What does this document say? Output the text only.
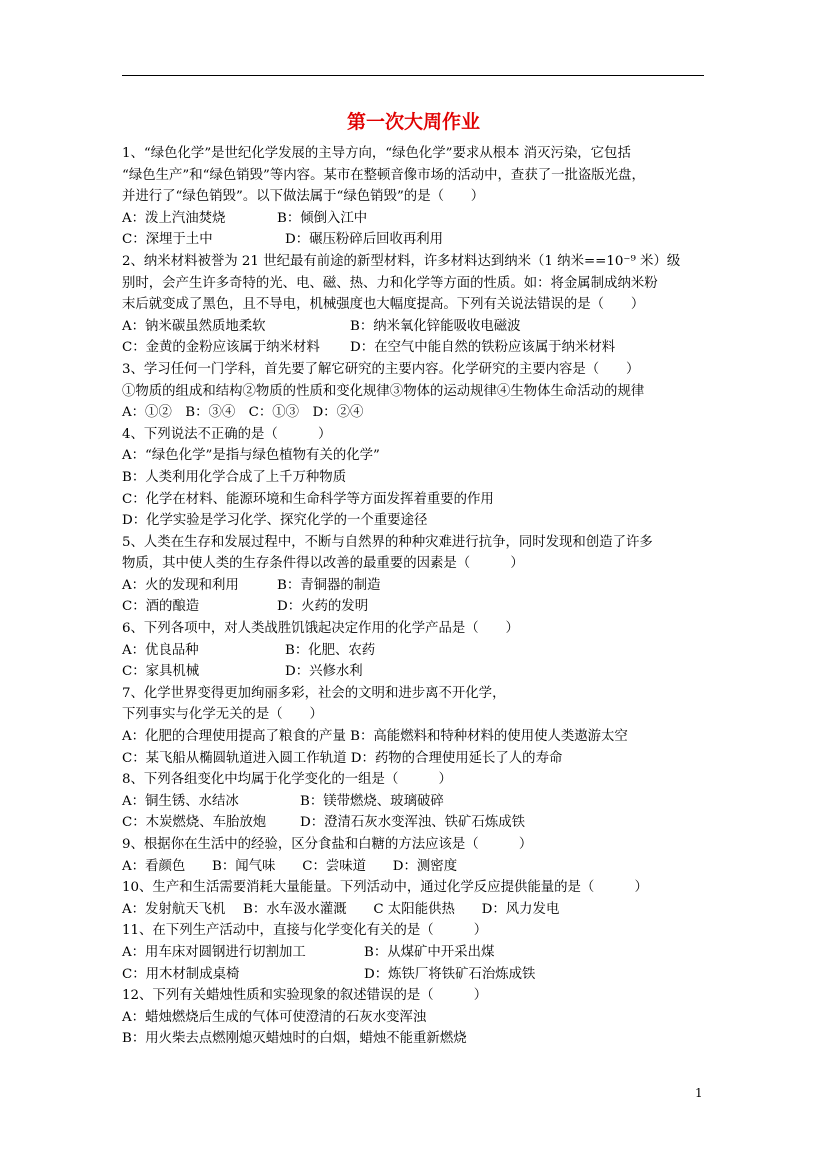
第一次大周作业
1、“绿色化学”是世纪化学发展的主导方向，“绿色化学”要求从根本 消灭污染，它包括
“绿色生产”和“绿色销毁”等内容。某市在整顿音像市场的活动中，查获了一批盗版光盘，
并进行了“绿色销毁”。以下做法属于“绿色销毁”的是（　　）
A：泼上汽油焚烧	B：倾倒入江中
C：深埋于土中	D：碾压粉碎后回收再利用
2、纳米材料被誉为 21 世纪最有前途的新型材料，许多材料达到纳米（1 纳米==10⁻⁹ 米）级
别时，会产生许多奇特的光、电、磁、热、力和化学等方面的性质。如：将金属制成纳米粉
末后就变成了黑色，且不导电，机械强度也大幅度提高。下列有关说法错误的是（　　）
A：钠米碳虽然质地柔软	B：纳米氧化锌能吸收电磁波
C：金黄的金粉应该属于纳米材料	D：在空气中能自然的铁粉应该属于纳米材料
3、学习任何一门学科，首先要了解它研究的主要内容。化学研究的主要内容是（　　）
①物质的组成和结构②物质的性质和变化规律③物体的运动规律④生物体生命活动的规律
A：①②　B：③④　C：①③　D：②④
4、下列说法不正确的是（　　　）
A：“绿色化学”是指与绿色植物有关的化学”
B：人类利用化学合成了上千万种物质
C：化学在材料、能源环境和生命科学等方面发挥着重要的作用
D：化学实验是学习化学、探究化学的一个重要途径
5、人类在生存和发展过程中，不断与自然界的种种灾难进行抗争，同时发现和创造了许多
物质，其中使人类的生存条件得以改善的最重要的因素是（　　　）
A：火的发现和利用	B：青铜器的制造
C：酒的酿造	D：火药的发明
6、下列各项中，对人类战胜饥饿起决定作用的化学产品是（　　）
A：优良品种	B：化肥、农药
C：家具机械	D：兴修水利
7、化学世界变得更加绚丽多彩，社会的文明和进步离不开化学，
下列事实与化学无关的是（　　）
A：化肥的合理使用提高了粮食的产量 B：高能燃料和特种材料的使用使人类遨游太空
C：某飞船从椭圆轨道进入圆工作轨道 D：药物的合理使用延长了人的寿命
8、下列各组变化中均属于化学变化的一组是（　　　）
A：铜生锈、水结冰	B：镁带燃烧、玻璃破碎
C：木炭燃烧、车胎放炮	D：澄清石灰水变浑浊、铁矿石炼成铁
9、根据你在生活中的经验，区分食盐和白糖的方法应该是（　　　）
A：看颜色　　B：闻气味　　C：尝味道　　D：测密度
10、生产和生活需要消耗大量能量。下列活动中，通过化学反应提供能量的是（　　　）
A：发射航天飞机　 B：水车汲水灌溉　　C 太阳能供热　　D：风力发电
11、在下列生产活动中，直接与化学变化有关的是（　　　）
A：用车床对圆钢进行切割加工	B：从煤矿中开采出煤
C：用木材制成桌椅	D：炼铁厂将铁矿石治炼成铁
12、下列有关蜡烛性质和实验现象的叙述错误的是（　　　）
A：蜡烛燃烧后生成的气体可使澄清的石灰水变浑浊
B：用火柴去点燃刚熄灭蜡烛时的白烟，蜡烛不能重新燃烧
1
